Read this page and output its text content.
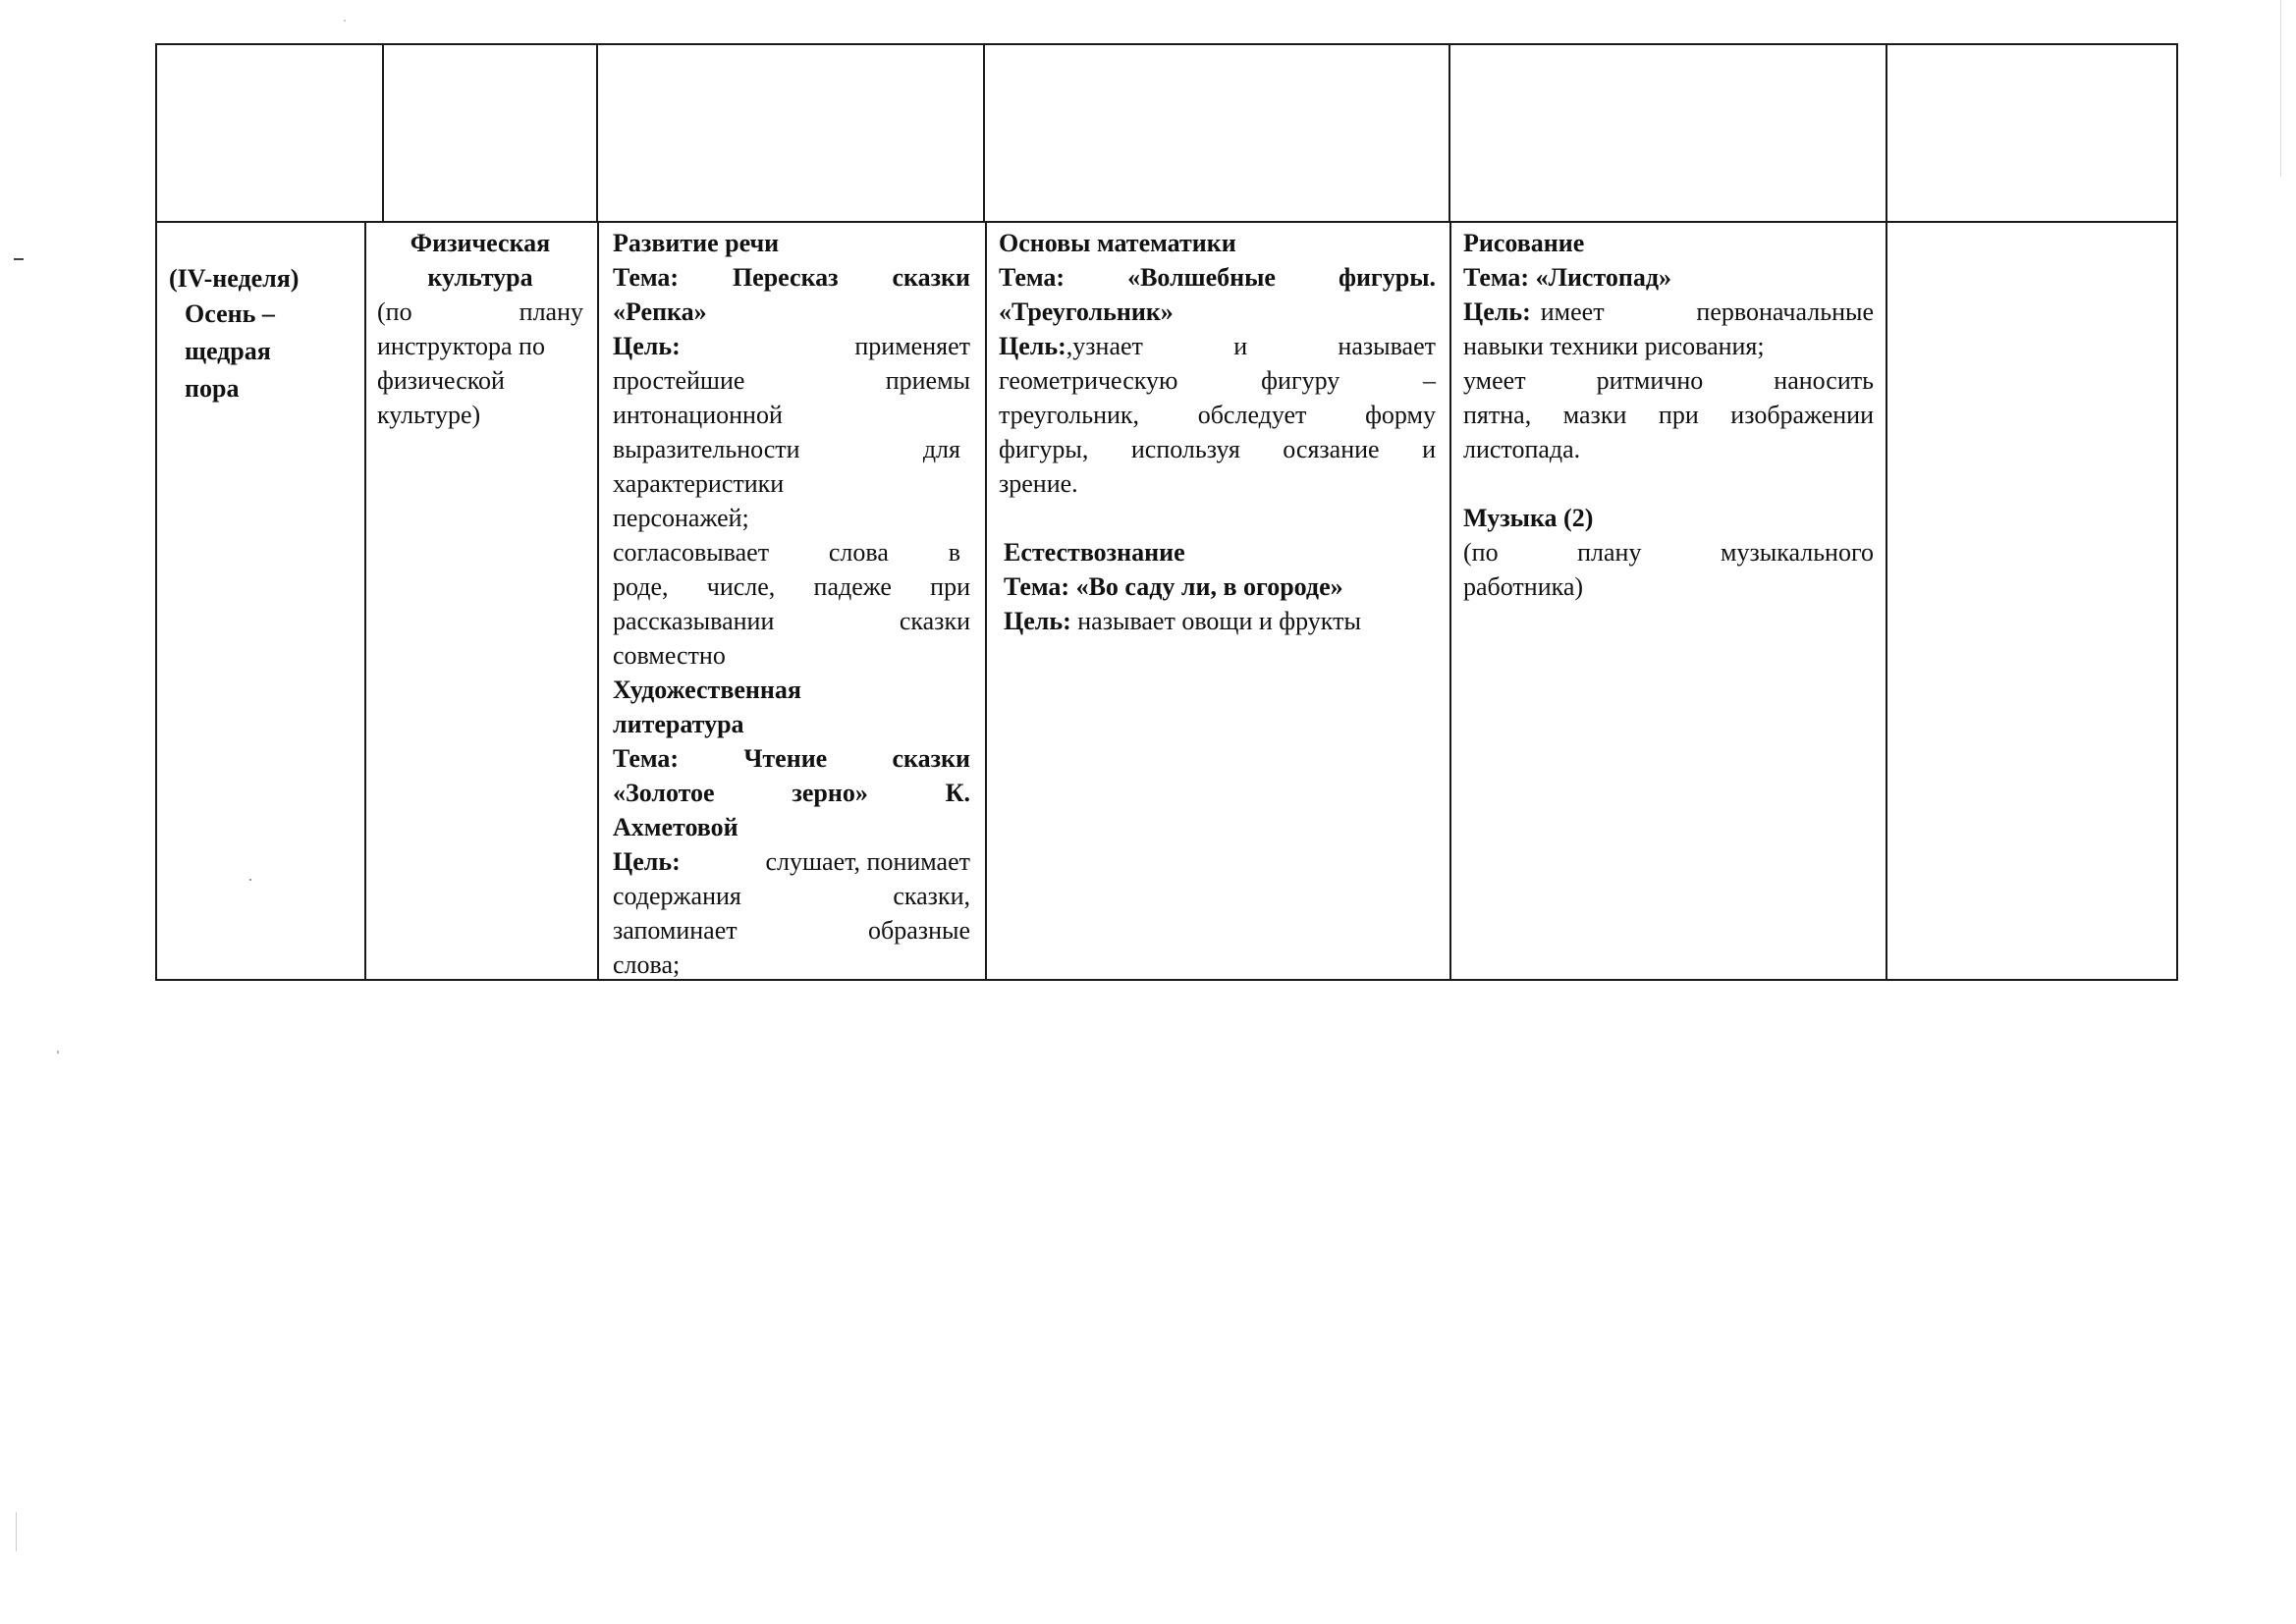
(IV-неделя)

Осень –

щедрая

пора

Физическая

культура

(по плану

инструктора по

физической

культуре)

Развитие речи

Тема: Пересказ сказки

«Репка»

Цель:	применяет

простейшие приемы

интонационной

выразительности для

характеристики

персонажей;

согласовывает слова в

роде, числе, падеже при

рассказывании сказки

совместно

Художественная

литература

Тема: Чтение сказки

«Золотое зерно» К.

Ахметовой

Цель:	слушает, понимает

содержания сказки,

запоминает образные

слова;

Основы математики

Тема: «Волшебные фигуры.

«Треугольник»

Цель: ,узнает и называет

геометрическую фигуру –

треугольник, обследует форму

фигуры, используя осязание и

зрение.

Естествознание

Тема: «Во саду ли, в огороде»

Цель: называет овощи и фрукты

Рисование

Тема: «Листопад»

Цель: имеет первоначальные

навыки техники рисования;

умеет ритмично наносить

пятна, мазки при изображении

листопада.

Музыка (2)

(по плану музыкального

работника)
